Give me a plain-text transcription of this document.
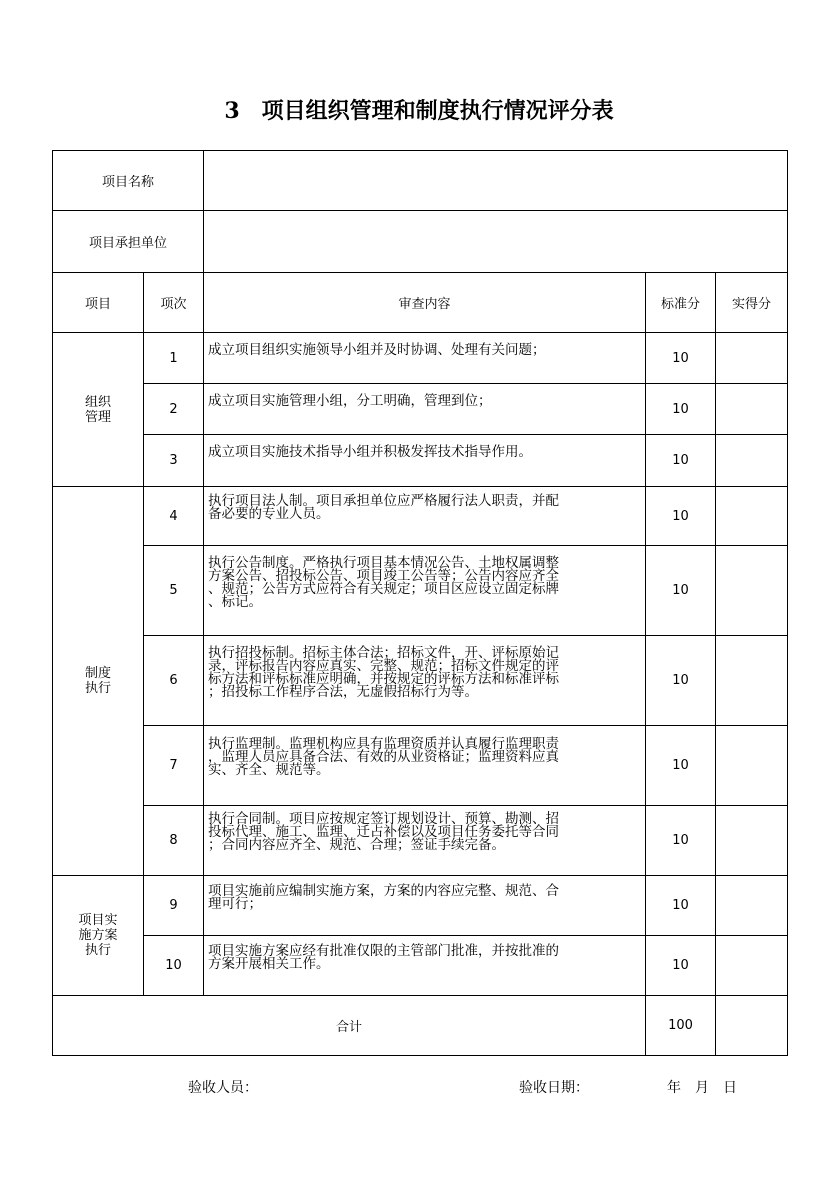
3　项目组织管理和制度执行情况评分表
项目名称				
项目承担单位				
项目	项次	审查内容	标准分	实得分
组织
管理	1	成立项目组织实施领导小组并及时协调、处理有关问题；	10	
	2	成立项目实施管理小组，分工明确，管理到位；	10	
	3	成立项目实施技术指导小组并积极发挥技术指导作用。	10	
制度
执行	4	执行项目法人制。项目承担单位应严格履行法人职责，并配
备必要的专业人员。	10	
	5	执行公告制度。严格执行项目基本情况公告、土地权属调整
方案公告、招投标公告、项目竣工公告等；公告内容应齐全
、规范；公告方式应符合有关规定；项目区应设立固定标牌
、标记。	10	
	6	执行招投标制。招标主体合法；招标文件，开、评标原始记
录，评标报告内容应真实、完整、规范；招标文件规定的评
标方法和评标标准应明确，并按规定的评标方法和标准评标
；招投标工作程序合法，无虚假招标行为等。	10	
	7	执行监理制。监理机构应具有监理资质并认真履行监理职责
，监理人员应具备合法、有效的从业资格证；监理资料应真
实、齐全、规范等。	10	
	8	执行合同制。项目应按规定签订规划设计、预算、勘测、招
投标代理、施工、监理、迁占补偿以及项目任务委托等合同
；合同内容应齐全、规范、合理；签证手续完备。	10	
项目实
施方案
执行	9	项目实施前应编制实施方案，方案的内容应完整、规范、合
理可行；	10	
	10	项目实施方案应经有批准仅限的主管部门批准，并按批准的
方案开展相关工作。	10	
合计			100	
验收人员：	验收日期：	年　月　日
